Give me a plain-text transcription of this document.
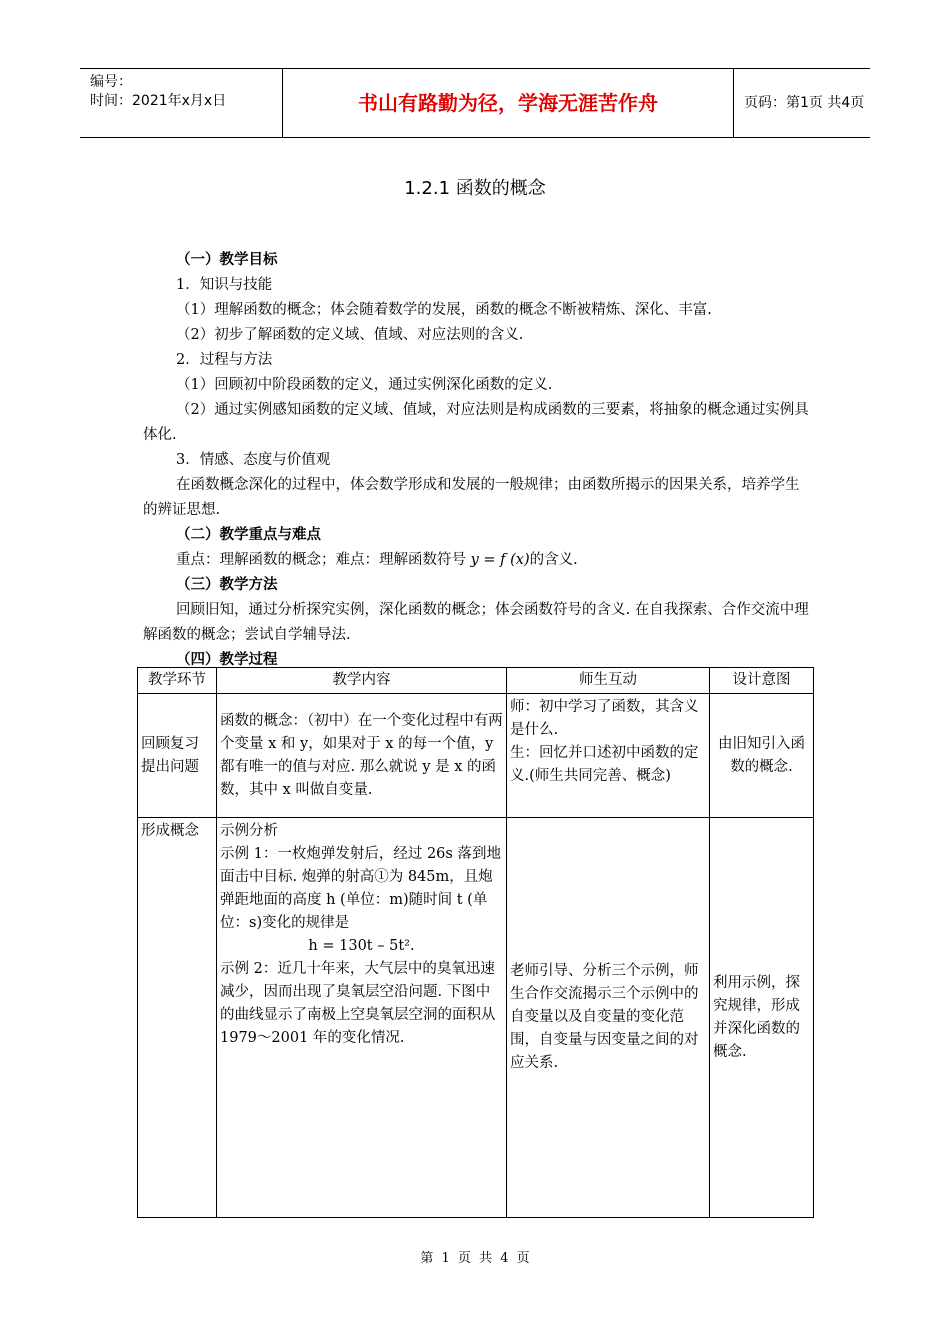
编号：
时间：2021年x月x日	书山有路勤为径，学海无涯苦作舟	页码：第1页 共4页
1.2.1 函数的概念

（一）教学目标

1．知识与技能

（1）理解函数的概念；体会随着数学的发展，函数的概念不断被精炼、深化、丰富.

（2）初步了解函数的定义域、值域、对应法则的含义.

2．过程与方法

（1）回顾初中阶段函数的定义，通过实例深化函数的定义.

（2）通过实例感知函数的定义域、值域，对应法则是构成函数的三要素，将抽象的概念通过实例具体化.

3．情感、态度与价值观

在函数概念深化的过程中，体会数学形成和发展的一般规律；由函数所揭示的因果关系，培养学生的辨证思想.

（二）教学重点与难点

重点：理解函数的概念；难点：理解函数符号 y = f (x)的含义.

（三）教学方法

回顾旧知，通过分析探究实例，深化函数的概念；体会函数符号的含义. 在自我探索、合作交流中理解函数的概念；尝试自学辅导法.

（四）教学过程

教学环节	教学内容	师生互动	设计意图
回顾复习提出问题	函数的概念：（初中）在一个变化过程中有两个变量 x 和 y，如果对于 x 的每一个值，y 都有唯一的值与对应. 那么就说 y 是 x 的函数，其中 x 叫做自变量.	师：初中学习了函数，其含义是什么.
生：回忆并口述初中函数的定义.(师生共同完善、概念)	由旧知引入函数的概念.
形成概念	示例分析
示例 1：一枚炮弹发射后，经过 26s 落到地面击中目标. 炮弹的射高①为 845m，且炮弹距地面的高度 h (单位：m)随时间 t (单位：s)变化的规律是
h = 130t – 5t².
示例 2：近几十年来，大气层中的臭氧迅速减少，因而出现了臭氧层空沿问题. 下图中的曲线显示了南极上空臭氧层空洞的面积从 1979～2001 年的变化情况.	老师引导、分析三个示例，师生合作交流揭示三个示例中的自变量以及自变量的变化范围，自变量与因变量之间的对应关系.	利用示例，探究规律，形成并深化函数的概念.
第 1 页 共 4 页
